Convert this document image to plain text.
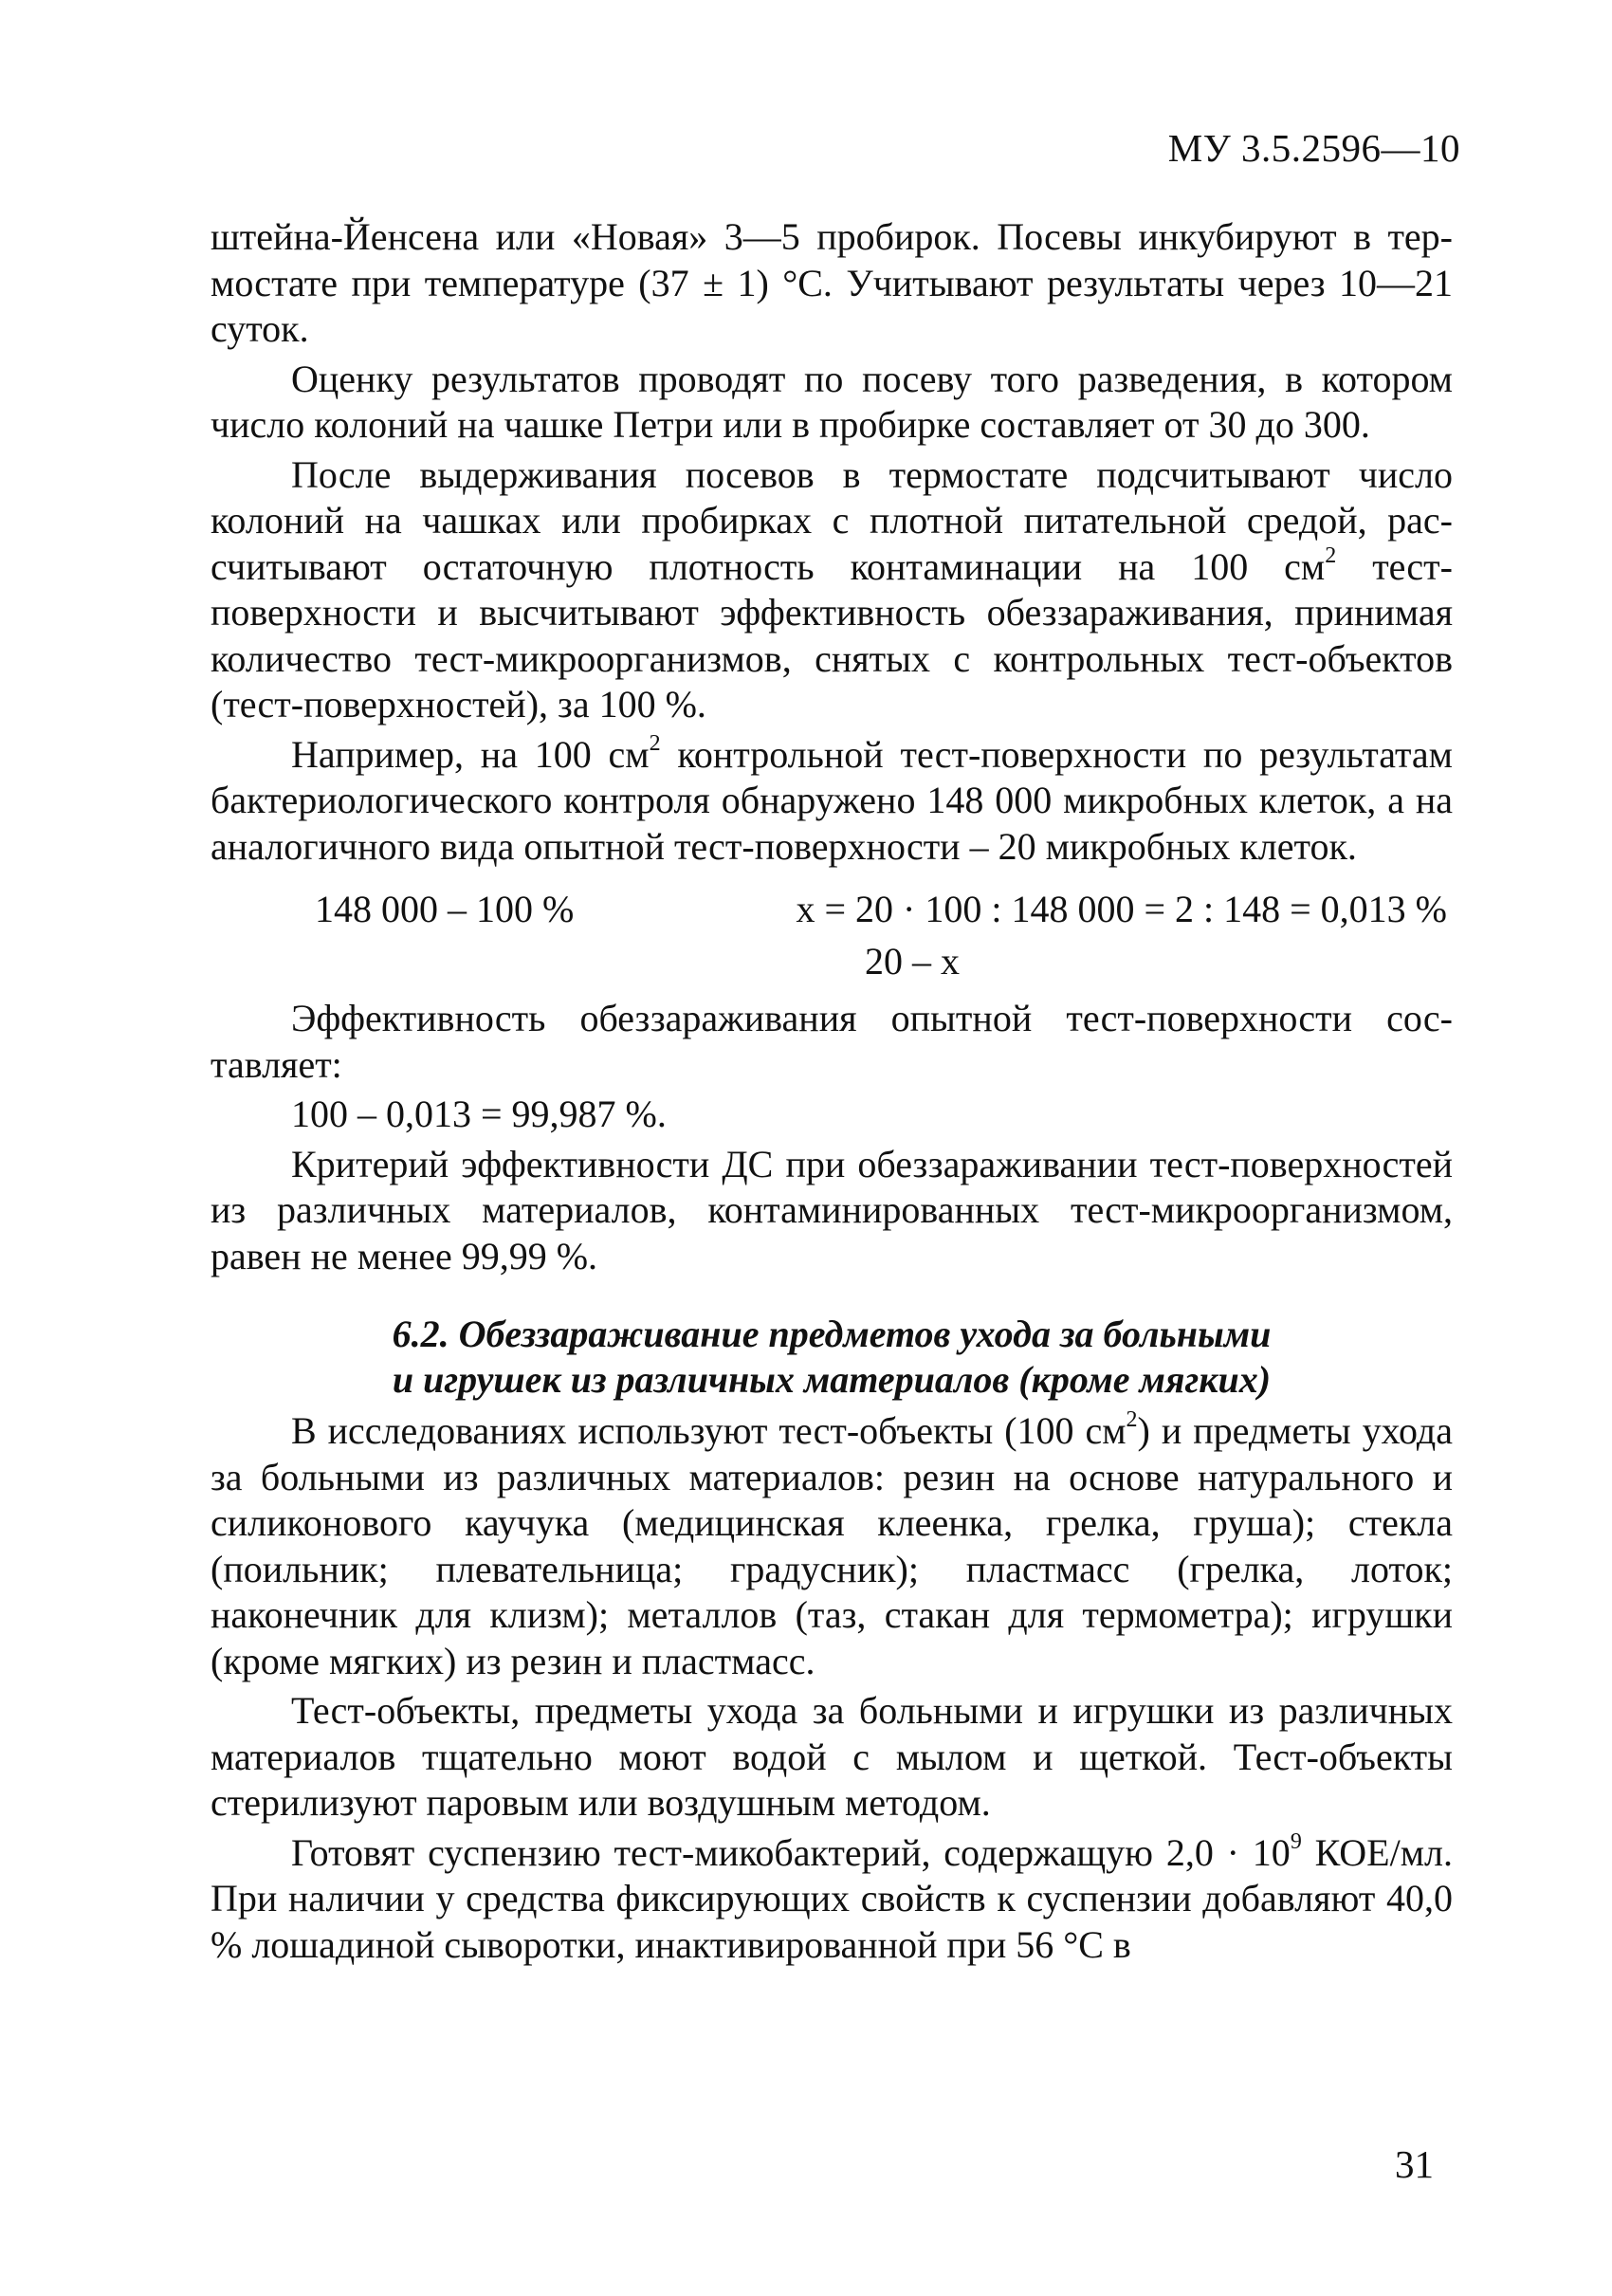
МУ 3.5.2596—10

штейна-Йенсена или «Новая» 3—5 пробирок. Посевы инкубируют в термостате при температуре (37 ± 1) °С. Учитывают результаты через 10—21 суток.

Оценку результатов проводят по посеву того разведения, в котором число колоний на чашке Петри или в пробирке составляет от 30 до 300.

После выдерживания посевов в термостате подсчитывают число колоний на чашках или пробирках с плотной питательной средой, рассчитывают остаточную плотность контаминации на 100 $см^2$ тест-поверхности и высчитывают эффективность обеззараживания, принимая количество тест-микроорганизмов, снятых с контрольных тест-объектов (тест-поверхностей), за 100 %.

Например, на 100 $см^2$ контрольной тест-поверхности по результатам бактериологического контроля обнаружено 148 000 микробных клеток, а на аналогичного вида опытной тест-поверхности – 20 микробных клеток.

148 000 – 100 %	x = 20 · 100 : 148 000 = 2 : 148 = 0,013 %
20 – x

Эффективность обеззараживания опытной тест-поверхности составляет:

100 – 0,013 = 99,987 %.

Критерий эффективности ДС при обеззараживании тест-поверхностей из различных материалов, контаминированных тест-микроорганизмом, равен не менее 99,99 %.

6.2. Обеззараживание предметов ухода за больными
и игрушек из различных материалов (кроме мягких)

В исследованиях используют тест-объекты (100 $см^2$) и предметы ухода за больными из различных материалов: резин на основе натурального и силиконового каучука (медицинская клеенка, грелка, груша); стекла (поильник; плевательница; градусник); пластмасс (грелка, лоток; наконечник для клизм); металлов (таз, стакан для термометра); игрушки (кроме мягких) из резин и пластмасс.

Тест-объекты, предметы ухода за больными и игрушки из различных материалов тщательно моют водой с мылом и щеткой. Тест-объекты стерилизуют паровым или воздушным методом.

Готовят суспензию тест-микобактерий, содержащую $2,0 \cdot 10^9$ КОЕ/мл. При наличии у средства фиксирующих свойств к суспензии добавляют 40,0 % лошадиной сыворотки, инактивированной при 56 °С в

31
